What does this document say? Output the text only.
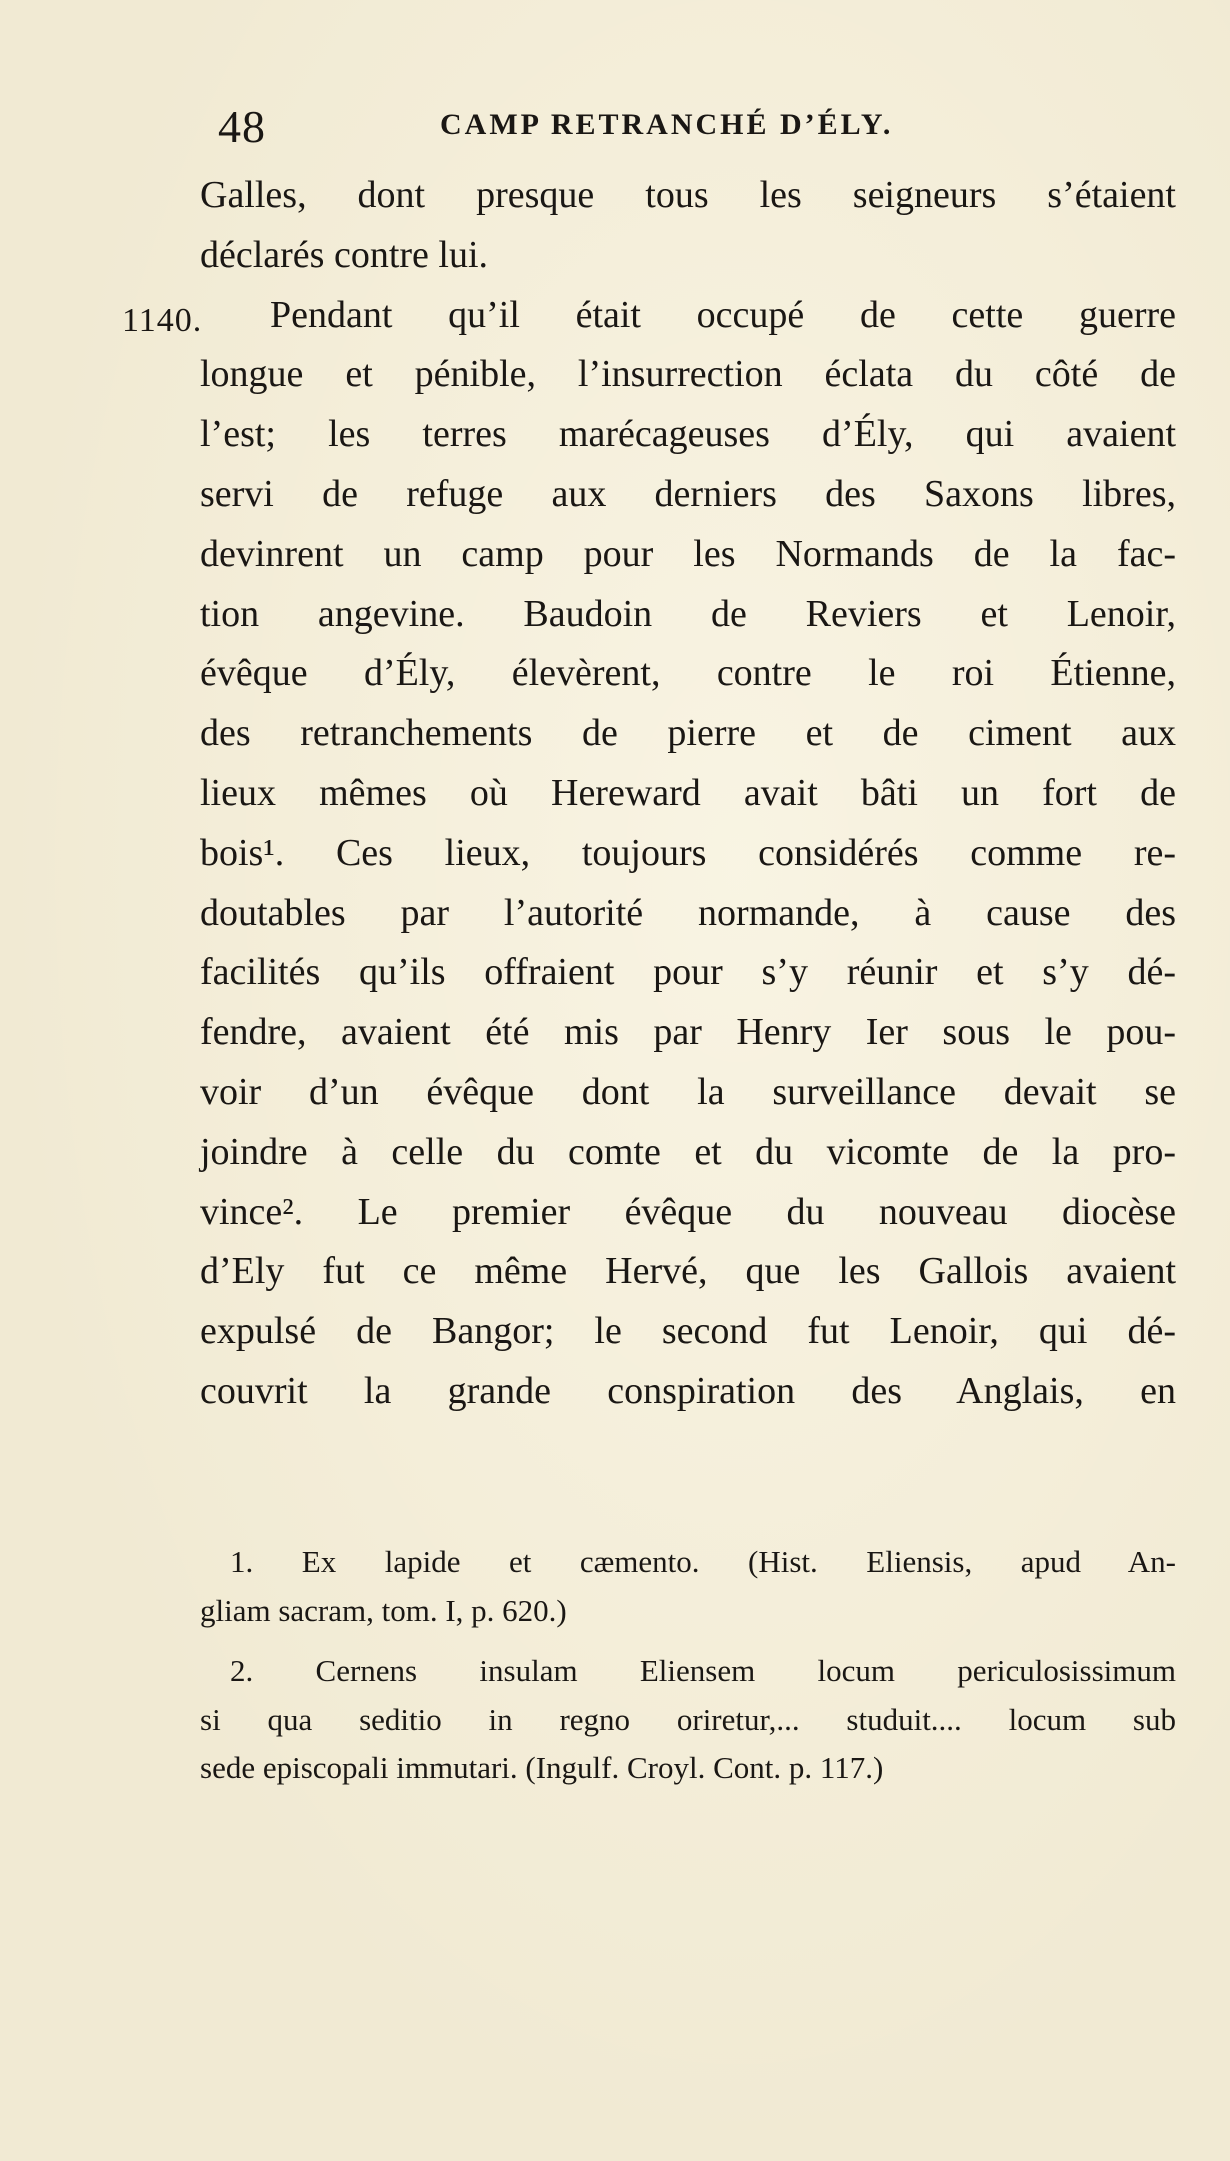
48	CAMP RETRANCHÉ D’ÉLY.
1140.
Galles, dont presque tous les seigneurs s’étaient
déclarés contre lui.
Pendant qu’il était occupé de cette guerre
longue et pénible, l’insurrection éclata du côté de
l’est; les terres marécageuses d’Ély, qui avaient
servi de refuge aux derniers des Saxons libres,
devinrent un camp pour les Normands de la fac-
tion angevine. Baudoin de Reviers et Lenoir,
évêque d’Ély, élevèrent, contre le roi Étienne,
des retranchements de pierre et de ciment aux
lieux mêmes où Hereward avait bâti un fort de
bois¹. Ces lieux, toujours considérés comme re-
doutables par l’autorité normande, à cause des
facilités qu’ils offraient pour s’y réunir et s’y dé-
fendre, avaient été mis par Henry Ier sous le pou-
voir d’un évêque dont la surveillance devait se
joindre à celle du comte et du vicomte de la pro-
vince². Le premier évêque du nouveau diocèse
d’Ely fut ce même Hervé, que les Gallois avaient
expulsé de Bangor; le second fut Lenoir, qui dé-
couvrit la grande conspiration des Anglais, en
1. Ex lapide et cæmento. (Hist. Eliensis, apud An-
gliam sacram, tom. I, p. 620.)
2. Cernens insulam Eliensem locum periculosissimum
si qua seditio in regno oriretur,... studuit.... locum sub
sede episcopali immutari. (Ingulf. Croyl. Cont. p. 117.)
